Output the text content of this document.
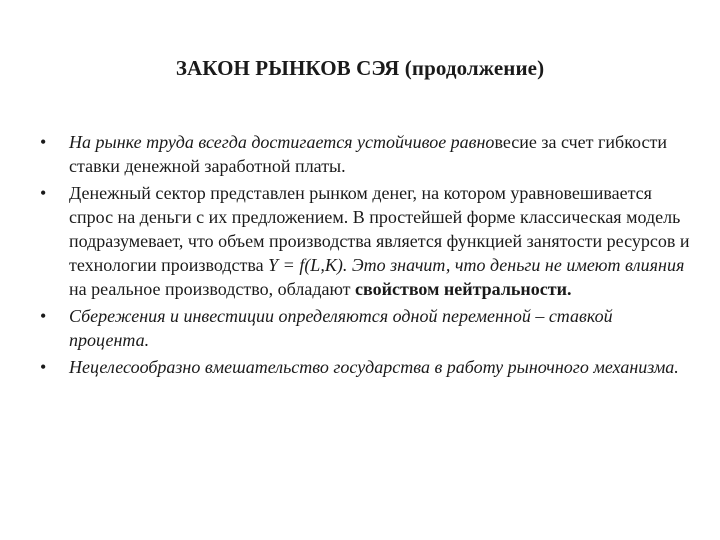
ЗАКОН РЫНКОВ СЭЯ (продолжение)
• На рынке труда всегда достигается устойчивое равновесие за счет гибкости ставки денежной заработной платы.
• Денежный сектор представлен рынком денег, на котором уравновешивается спрос на деньги с их предложением. В простейшей форме классическая модель подразумевает, что объем производства является функцией занятости ресурсов и технологии производства Y = f(L,K). Это значит, что деньги не имеют влияния на реальное производство, обладают свойством нейтральности.
• Сбережения и инвестиции определяются одной переменной – ставкой процента.
• Нецелесообразно вмешательство государства в работу рыночного механизма.
